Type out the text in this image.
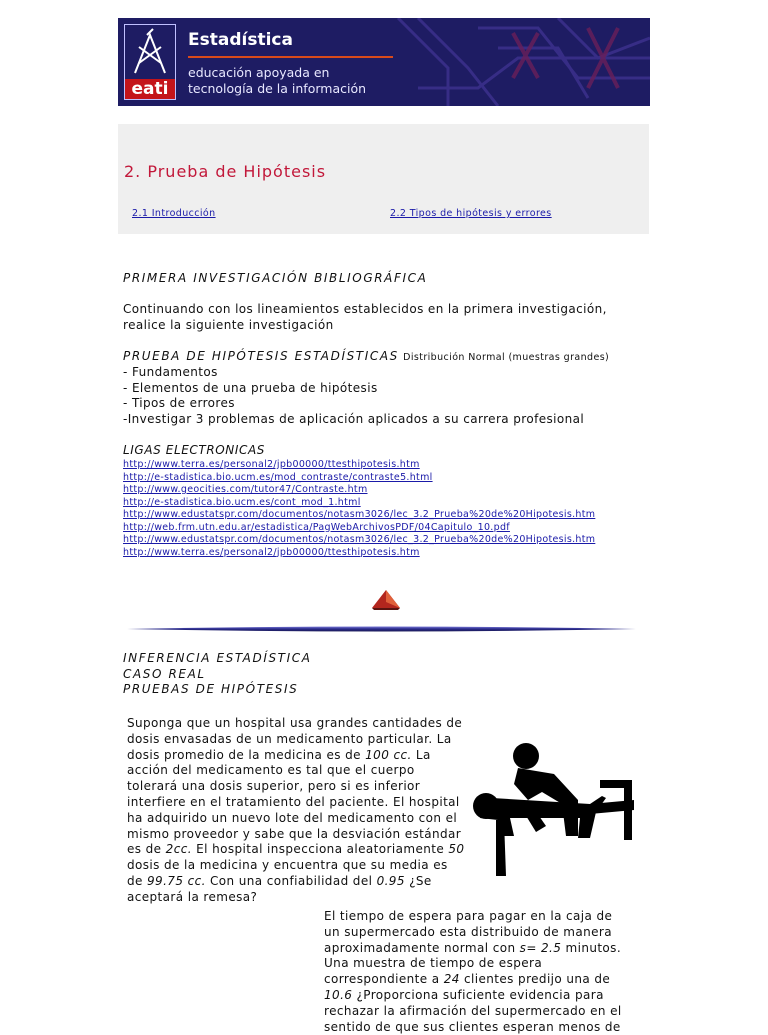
eati
Estadística
educación apoyada en
tecnología de la información
2. Prueba de Hipótesis
2.1 Introducción	2.2 Tipos de hipótesis y errores
PRIMERA INVESTIGACIÓN BIBLIOGRÁFICA
Continuando con los lineamientos establecidos en la primera investigación,
realice la siguiente investigación
PRUEBA DE HIPÓTESIS ESTADÍSTICAS Distribución Normal (muestras grandes)
- Fundamentos
- Elementos de una prueba de hipótesis
- Tipos de errores
-Investigar 3 problemas de aplicación aplicados a su carrera profesional
LIGAS ELECTRONICAS
http://www.terra.es/personal2/jpb00000/ttesthipotesis.htm
http://e-stadistica.bio.ucm.es/mod_contraste/contraste5.html
http://www.geocities.com/tutor47/Contraste.htm
http://e-stadistica.bio.ucm.es/cont_mod_1.html
http://www.edustatspr.com/documentos/notasm3026/lec_3.2_Prueba%20de%20Hipotesis.htm
http://web.frm.utn.edu.ar/estadistica/PagWebArchivosPDF/04Capitulo_10.pdf
http://www.edustatspr.com/documentos/notasm3026/lec_3.2_Prueba%20de%20Hipotesis.htm
http://www.terra.es/personal2/jpb00000/ttesthipotesis.htm
INFERENCIA ESTADÍSTICA
CASO REAL
PRUEBAS DE HIPÓTESIS
Suponga que un hospital usa grandes cantidades de
dosis envasadas de un medicamento particular. La
dosis promedio de la medicina es de 100 cc. La
acción del medicamento es tal que el cuerpo
tolerará una dosis superior, pero si es inferior
interfiere en el tratamiento del paciente. El hospital
ha adquirido un nuevo lote del medicamento con el
mismo proveedor y sabe que la desviación estándar
es de 2cc. El hospital inspecciona aleatoriamente 50
dosis de la medicina y encuentra que su media es
de 99.75 cc. Con una confiabilidad del 0.95 ¿Se
aceptará la remesa?
El tiempo de espera para pagar en la caja de
un supermercado esta distribuido de manera
aproximadamente normal con s= 2.5 minutos.
Una muestra de tiempo de espera
correspondiente a 24 clientes predijo una de
10.6 ¿Proporciona suficiente evidencia para
rechazar la afirmación del supermercado en el
sentido de que sus clientes esperan menos de
